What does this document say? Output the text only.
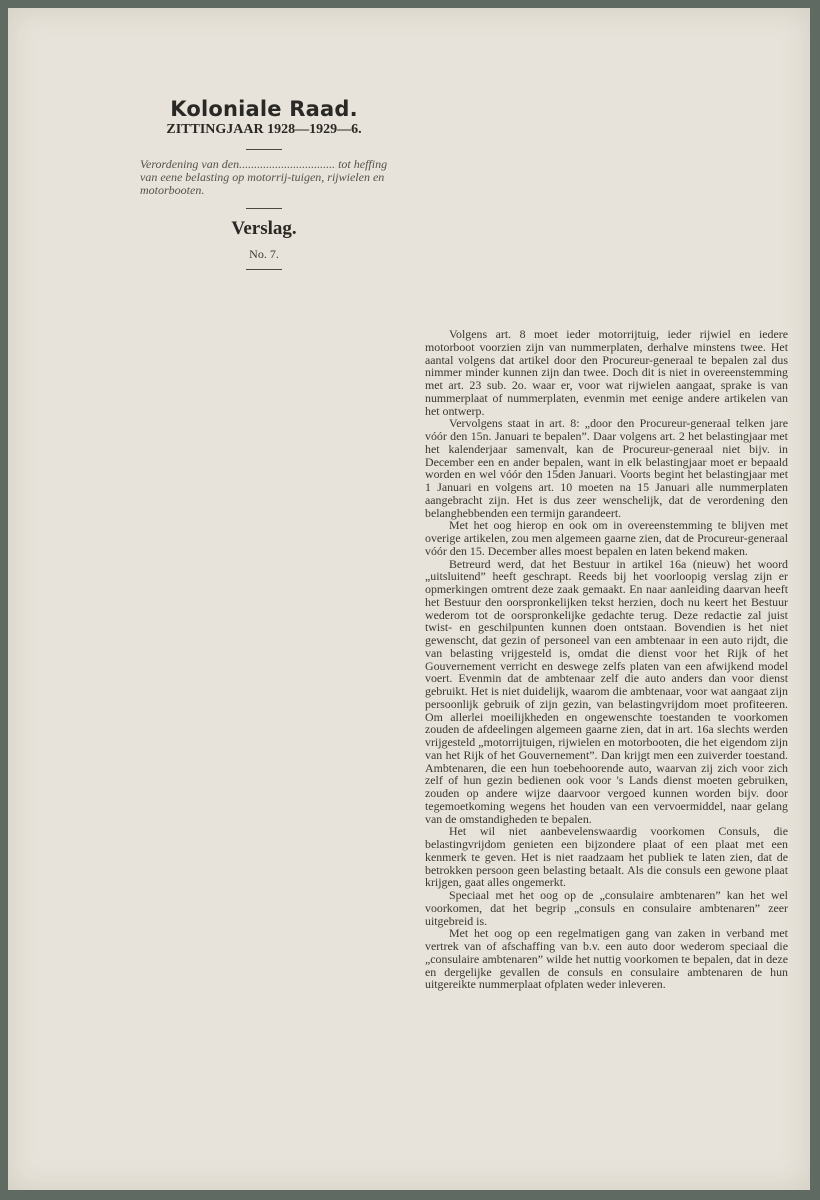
Koloniale Raad.

ZITTINGJAAR 1928—1929—6.

Verordening van den................................ tot heffing van eene belasting op motorrij-tuigen, rijwielen en motorbooten.

Verslag.

No. 7.

Volgens art. 8 moet ieder motorrijtuig, ieder rijwiel en iedere motorboot voorzien zijn van nummerplaten, derhalve minstens twee. Het aantal volgens dat artikel door den Procureur-generaal te bepalen zal dus nimmer minder kunnen zijn dan twee. Doch dit is niet in overeenstemming met art. 23 sub. 2o. waar er, voor wat rijwielen aangaat, sprake is van nummerplaat of nummerplaten, evenmin met eenige andere artikelen van het ontwerp.

Vervolgens staat in art. 8: „door den Procureur-generaal telken jare vóór den 15n. Januari te bepalen”. Daar volgens art. 2 het belastingjaar met het kalenderjaar samenvalt, kan de Procureur-generaal niet bijv. in December een en ander bepalen, want in elk belastingjaar moet er bepaald worden en wel vóór den 15den Januari. Voorts begint het belastingjaar met 1 Januari en volgens art. 10 moeten na 15 Januari alle nummerplaten aangebracht zijn. Het is dus zeer wenschelijk, dat de verordening den belanghebbenden een termijn garandeert.

Met het oog hierop en ook om in overeenstemming te blijven met overige artikelen, zou men algemeen gaarne zien, dat de Procureur-generaal vóór den 15. December alles moest bepalen en laten bekend maken.

Betreurd werd, dat het Bestuur in artikel 16a (nieuw) het woord „uitsluitend” heeft geschrapt. Reeds bij het voorloopig verslag zijn er opmerkingen omtrent deze zaak gemaakt. En naar aanleiding daarvan heeft het Bestuur den oorspronkelijken tekst herzien, doch nu keert het Bestuur wederom tot de oorspronkelijke gedachte terug. Deze redactie zal juist twist- en geschilpunten kunnen doen ontstaan. Bovendien is het niet gewenscht, dat gezin of personeel van een ambtenaar in een auto rijdt, die van belasting vrijgesteld is, omdat die dienst voor het Rijk of het Gouvernement verricht en deswege zelfs platen van een afwijkend model voert. Evenmin dat de ambtenaar zelf die auto anders dan voor dienst gebruikt. Het is niet duidelijk, waarom die ambtenaar, voor wat aangaat zijn persoonlijk gebruik of zijn gezin, van belastingvrijdom moet profiteeren. Om allerlei moeilijkheden en ongewenschte toestanden te voorkomen zouden de afdeelingen algemeen gaarne zien, dat in art. 16a slechts werden vrijgesteld „motorrijtuigen, rijwielen en motorbooten, die het eigendom zijn van het Rijk of het Gouvernement”. Dan krijgt men een zuiverder toestand. Ambtenaren, die een hun toebehoorende auto, waarvan zij zich voor zich zelf of hun gezin bedienen ook voor 's Lands dienst moeten gebruiken, zouden op andere wijze daarvoor vergoed kunnen worden bijv. door tegemoetkoming wegens het houden van een vervoermiddel, naar gelang van de omstandigheden te bepalen.

Het wil niet aanbevelenswaardig voorkomen Consuls, die belastingvrijdom genieten een bijzondere plaat of een plaat met een kenmerk te geven. Het is niet raadzaam het publiek te laten zien, dat de betrokken persoon geen belasting betaalt. Als die consuls een gewone plaat krijgen, gaat alles ongemerkt.

Speciaal met het oog op de „consulaire ambtenaren” kan het wel voorkomen, dat het begrip „consuls en consulaire ambtenaren” zeer uitgebreid is.

Met het oog op een regelmatigen gang van zaken in verband met vertrek van of afschaffing van b.v. een auto door wederom speciaal die „consulaire ambtenaren” wilde het nuttig voorkomen te bepalen, dat in deze en dergelijke gevallen de consuls en consulaire ambtenaren de hun uitgereikte nummerplaat ofplaten weder inleveren.
